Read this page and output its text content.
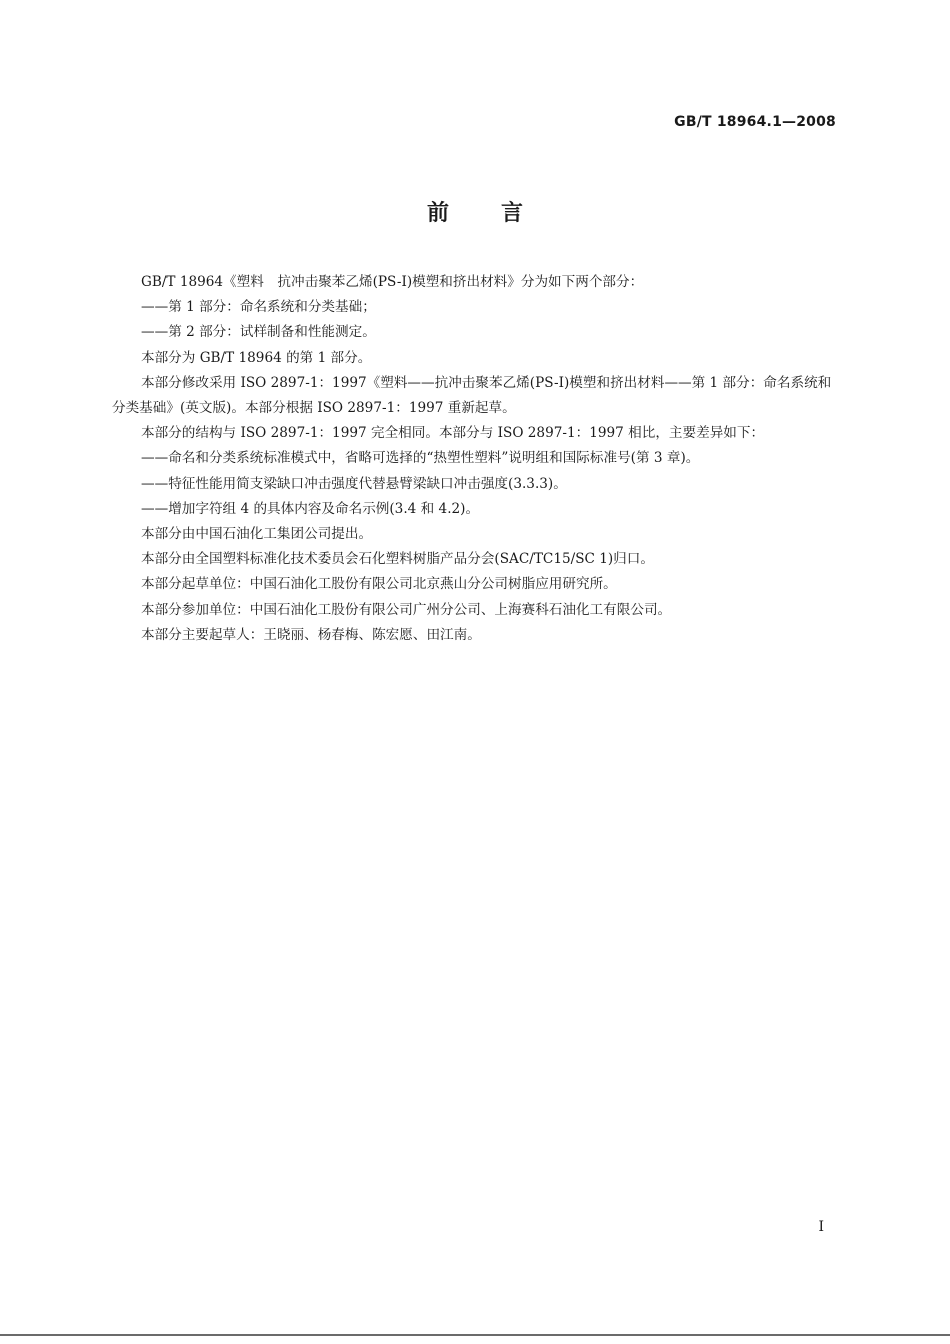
GB/T 18964.1—2008
前言

GB/T 18964《塑料　抗冲击聚苯乙烯(PS-I)模塑和挤出材料》分为如下两个部分：

——第 1 部分：命名系统和分类基础；

——第 2 部分：试样制备和性能测定。

本部分为 GB/T 18964 的第 1 部分。

本部分修改采用 ISO 2897-1：1997《塑料——抗冲击聚苯乙烯(PS-I)模塑和挤出材料——第 1 部分：命名系统和分类基础》(英文版)。本部分根据 ISO 2897-1：1997 重新起草。

本部分的结构与 ISO 2897-1：1997 完全相同。本部分与 ISO 2897-1：1997 相比，主要差异如下：

——命名和分类系统标准模式中，省略可选择的“热塑性塑料”说明组和国际标准号(第 3 章)。

——特征性能用简支梁缺口冲击强度代替悬臂梁缺口冲击强度(3.3.3)。

——增加字符组 4 的具体内容及命名示例(3.4 和 4.2)。

本部分由中国石油化工集团公司提出。

本部分由全国塑料标准化技术委员会石化塑料树脂产品分会(SAC/TC15/SC 1)归口。

本部分起草单位：中国石油化工股份有限公司北京燕山分公司树脂应用研究所。

本部分参加单位：中国石油化工股份有限公司广州分公司、上海赛科石油化工有限公司。

本部分主要起草人：王晓丽、杨春梅、陈宏愿、田江南。

I
